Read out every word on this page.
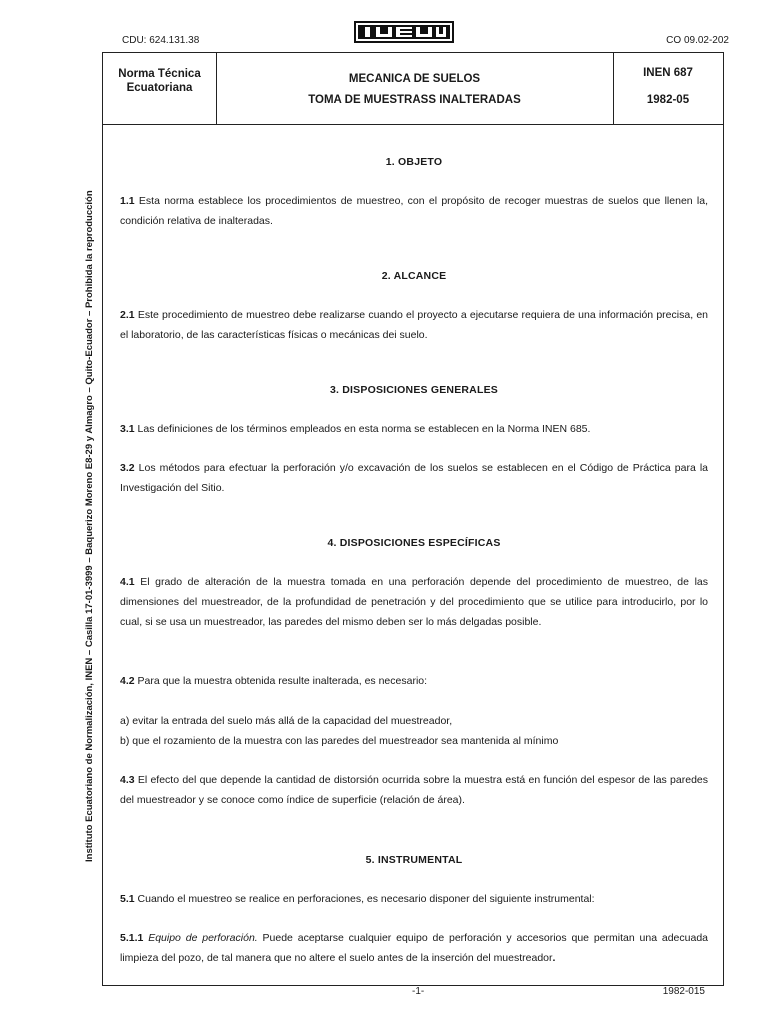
CDU: 624.131.38	CO 09.02-202
Instituto Ecuatoriano de Normalización, INEN – Casilla 17-01-3999 – Baquerizo Moreno E8-29 y Almagro – Quito-Ecuador – Prohibida la reproducción
Norma Técnica
Ecuatoriana
MECANICA DE SUELOS
TOMA DE MUESTRASS INALTERADAS
INEN 687
1982-05
1. OBJETO
1.1 Esta norma establece los procedimientos de muestreo, con el propósito de recoger muestras de suelos que llenen la, condición relativa de inalteradas.
2. ALCANCE
2.1 Este procedimiento de muestreo debe realizarse cuando el proyecto a ejecutarse requiera de una información precisa, en el laboratorio, de las características físicas o mecánicas dei suelo.
3. DISPOSICIONES GENERALES
3.1 Las definiciones de los términos empleados en esta norma se establecen en la Norma INEN 685.
3.2 Los métodos para efectuar la perforación y/o excavación de los suelos se establecen en el Código de Práctica para la Investigación del Sitio.
4. DISPOSICIONES ESPECÍFICAS
4.1 El grado de alteración de la muestra tomada en una perforación depende del procedimiento de muestreo, de las dimensiones del muestreador, de la profundidad de penetración y del procedimiento que se utilice para introducirlo, por lo cual, si se usa un muestreador, las paredes del mismo deben ser lo más delgadas posible.
4.2 Para que la muestra obtenida resulte inalterada, es necesario:
a) evitar la entrada del suelo más allá de la capacidad del muestreador,
b) que el rozamiento de la muestra con las paredes del muestreador sea mantenida al mínimo
4.3 El efecto del que depende la cantidad de distorsión ocurrida sobre la muestra está en función del espesor de las paredes del muestreador y se conoce como índice de superficie (relación de área).
5. INSTRUMENTAL
5.1 Cuando el muestreo se realice en perforaciones, es necesario disponer del siguiente instrumental:
5.1.1 Equipo de perforación. Puede aceptarse cualquier equipo de perforación y accesorios que permitan una adecuada limpieza del pozo, de tal manera que no altere el suelo antes de la inserción del muestreador.
-1-	1982-015
